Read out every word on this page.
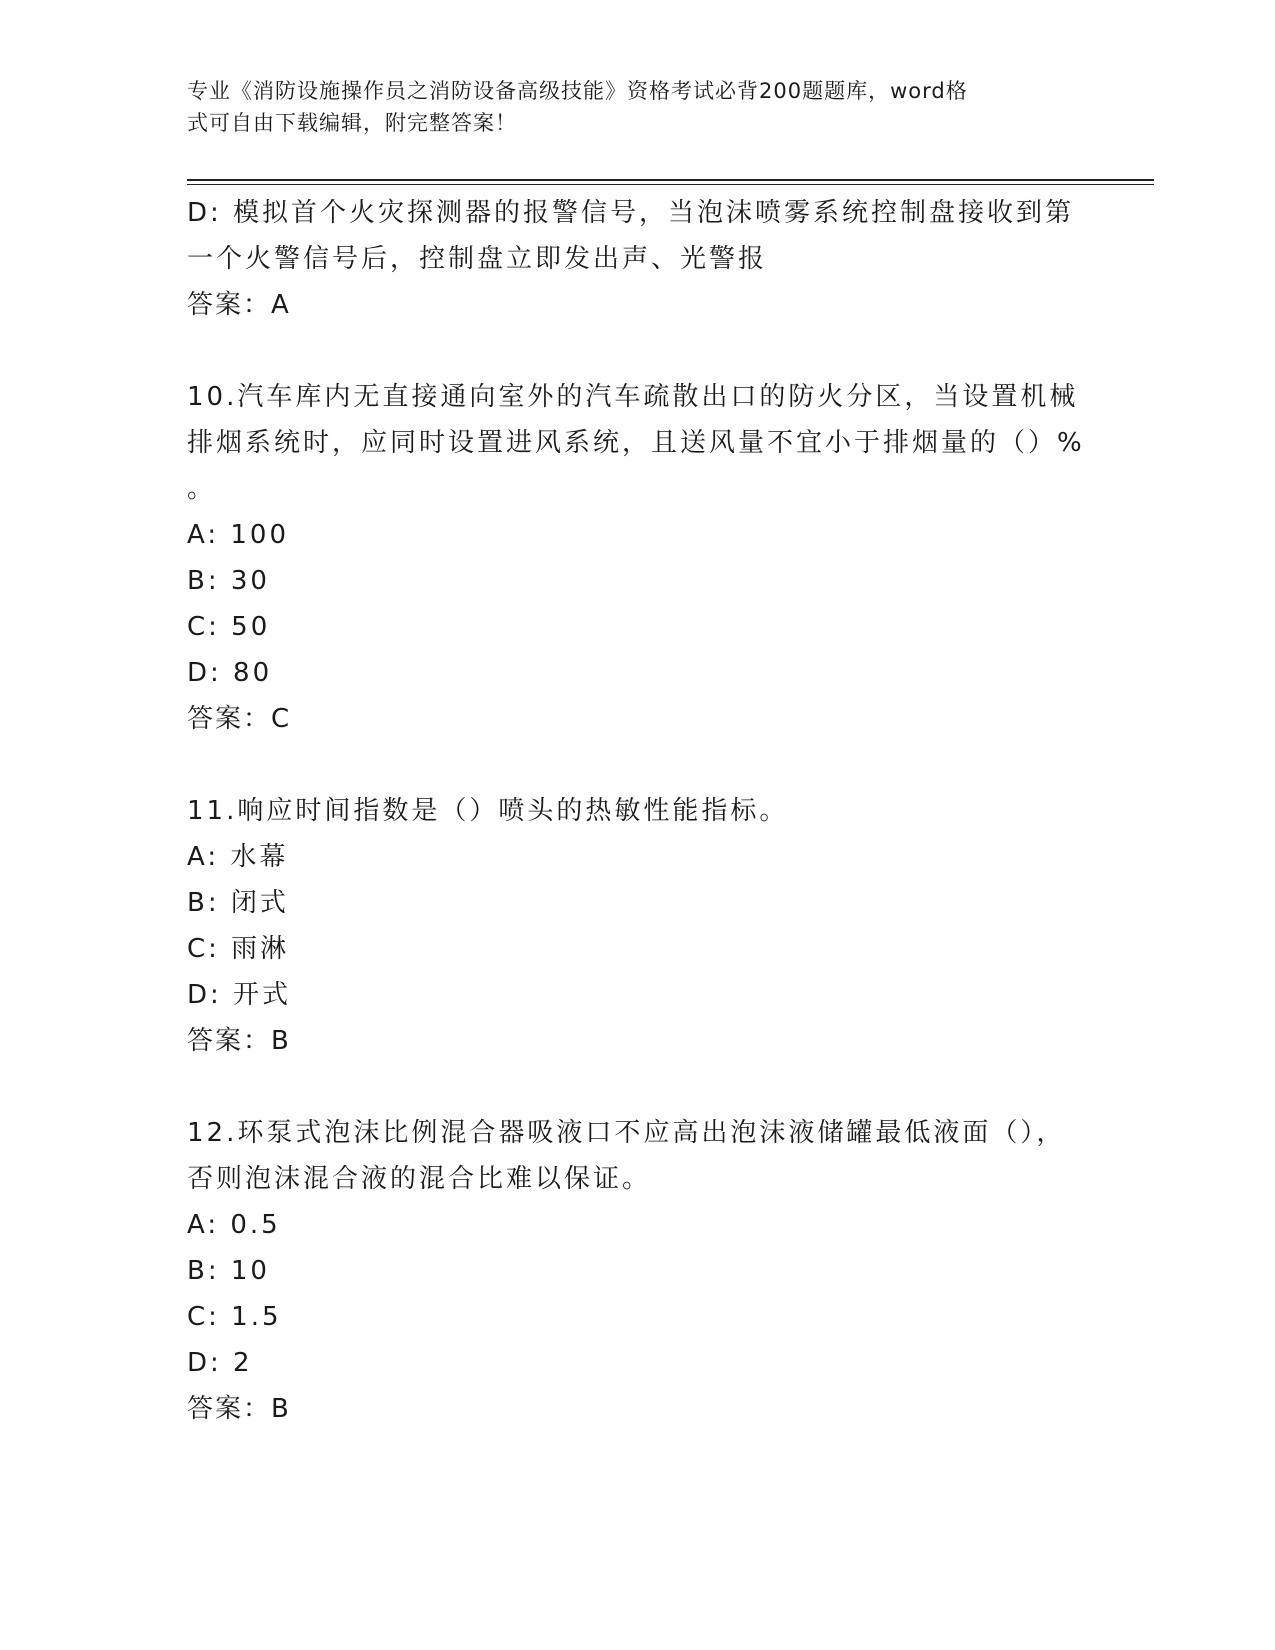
专业《消防设施操作员之消防设备高级技能》资格考试必背200题题库，word格
式可自由下载编辑，附完整答案！
D: 模拟首个火灾探测器的报警信号，当泡沫喷雾系统控制盘接收到第
一个火警信号后，控制盘立即发出声、光警报
答案：A
10.汽车库内无直接通向室外的汽车疏散出口的防火分区，当设置机械
排烟系统时，应同时设置进风系统，且送风量不宜小于排烟量的（）%
。
A: 100
B: 30
C: 50
D: 80
答案：C
11.响应时间指数是（）喷头的热敏性能指标。
A: 水幕
B: 闭式
C: 雨淋
D: 开式
答案：B
12.环泵式泡沫比例混合器吸液口不应高出泡沫液储罐最低液面（），
否则泡沫混合液的混合比难以保证。
A: 0.5
B: 10
C: 1.5
D: 2
答案：B
